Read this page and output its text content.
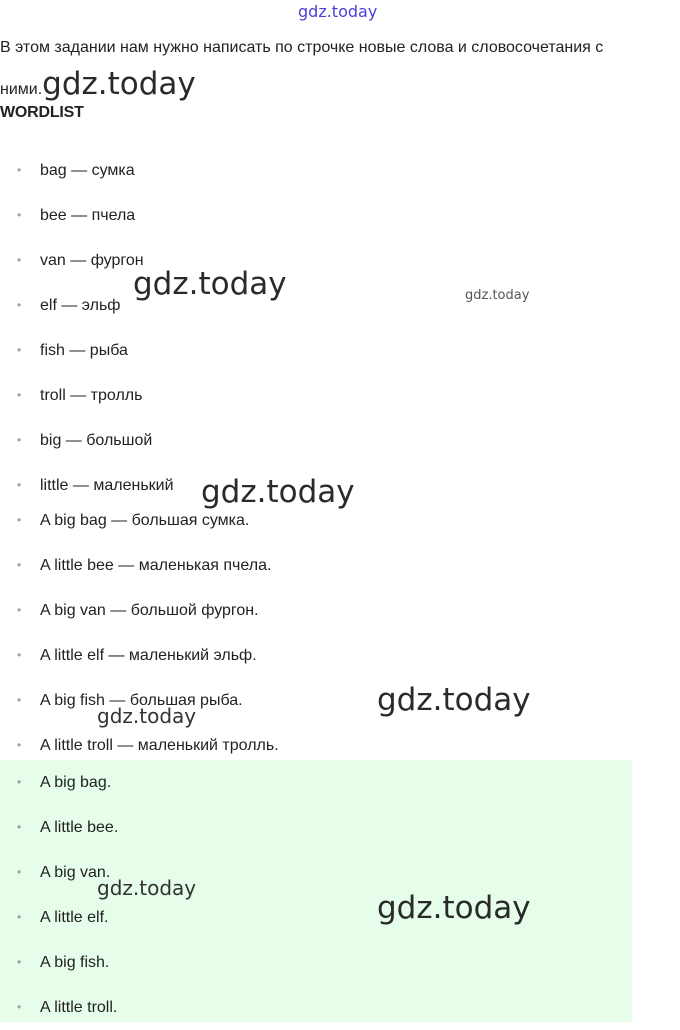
gdz.today

В этом задании нам нужно написать по строчке новые слова и словосочетания с ними.gdz.today

WORDLIST
• bag — сумка
• bee — пчела
• van — фургон
• elf — эльф
• fish — рыба
• troll — тролль
• big — большой
• little — маленький
• A big bag — большая сумка.
• A little bee — маленькая пчела.
• A big van — большой фургон.
• A little elf — маленький эльф.
• A big fish — большая рыба.
• A little troll — маленький тролль.
• A big bag.
• A little bee.
• A big van.
• A little elf.
• A big fish.
• A little troll.
gdz.today	gdz.today
gdz.today
gdz.today
gdz.today
gdz.today
gdz.today
